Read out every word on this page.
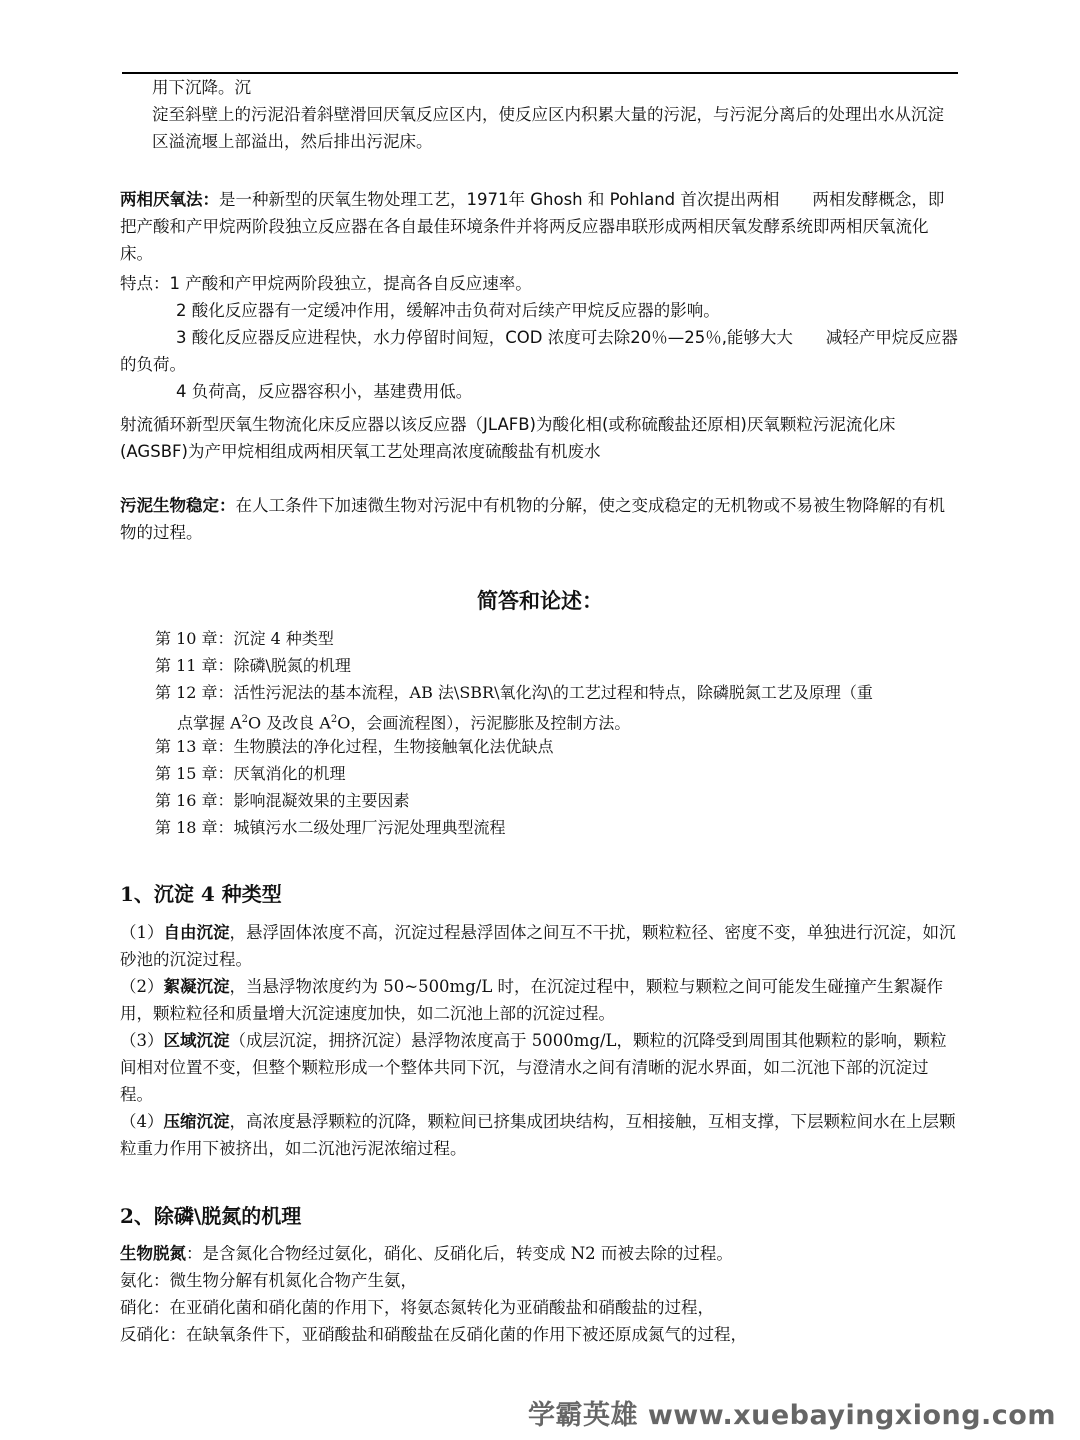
用下沉降。沉

淀至斜壁上的污泥沿着斜壁滑回厌氧反应区内，使反应区内积累大量的污泥，与污泥分离后的处理出水从沉淀区溢流堰上部溢出，然后排出污泥床。

两相厌氧法：是一种新型的厌氧生物处理工艺，1971年 Ghosh 和 Pohland 首次提出两相　　两相发酵概念，即把产酸和产甲烷两阶段独立反应器在各自最佳环境条件并将两反应器串联形成两相厌氧发酵系统即两相厌氧流化床。

特点：1 产酸和产甲烷两阶段独立，提高各自反应速率。

2 酸化反应器有一定缓冲作用，缓解冲击负荷对后续产甲烷反应器的影响。

3 酸化反应器反应进程快，水力停留时间短，COD 浓度可去除20％—25％,能够大大　　减轻产甲烷反应器的负荷。

4 负荷高，反应器容积小，基建费用低。

射流循环新型厌氧生物流化床反应器以该反应器（JLAFB)为酸化相(或称硫酸盐还原相)厌氧颗粒污泥流化床(AGSBF)为产甲烷相组成两相厌氧工艺处理高浓度硫酸盐有机废水

污泥生物稳定：在人工条件下加速微生物对污泥中有机物的分解，使之变成稳定的无机物或不易被生物降解的有机物的过程。

简答和论述：
第 10 章：沉淀 4 种类型
第 11 章：除磷\脱氮的机理
第 12 章：活性污泥法的基本流程，AB 法\SBR\氧化沟\的工艺过程和特点，除磷脱氮工艺及原理（重
点掌握 $A^2O$ 及改良 $A^2O$，会画流程图），污泥膨胀及控制方法。
第 13 章：生物膜法的净化过程，生物接触氧化法优缺点
第 15 章：厌氧消化的机理
第 16 章：影响混凝效果的主要因素
第 18 章：城镇污水二级处理厂污泥处理典型流程
1、沉淀 4 种类型

（1）自由沉淀，悬浮固体浓度不高，沉淀过程悬浮固体之间互不干扰，颗粒粒径、密度不变，单独进行沉淀，如沉砂池的沉淀过程。

（2）絮凝沉淀，当悬浮物浓度约为 50~500mg/L 时，在沉淀过程中，颗粒与颗粒之间可能发生碰撞产生絮凝作用，颗粒粒径和质量增大沉淀速度加快，如二沉池上部的沉淀过程。

（3）区域沉淀（成层沉淀，拥挤沉淀）悬浮物浓度高于 5000mg/L，颗粒的沉降受到周围其他颗粒的影响，颗粒间相对位置不变，但整个颗粒形成一个整体共同下沉，与澄清水之间有清晰的泥水界面，如二沉池下部的沉淀过程。

（4）压缩沉淀，高浓度悬浮颗粒的沉降，颗粒间已挤集成团块结构，互相接触，互相支撑，下层颗粒间水在上层颗粒重力作用下被挤出，如二沉池污泥浓缩过程。

2、除磷\脱氮的机理

生物脱氮：是含氮化合物经过氨化，硝化、反硝化后，转变成 N2 而被去除的过程。

氨化：微生物分解有机氮化合物产生氨，

硝化：在亚硝化菌和硝化菌的作用下，将氨态氮转化为亚硝酸盐和硝酸盐的过程，

反硝化：在缺氧条件下，亚硝酸盐和硝酸盐在反硝化菌的作用下被还原成氮气的过程，

学霸英雄 www.xuebayingxiong.com
